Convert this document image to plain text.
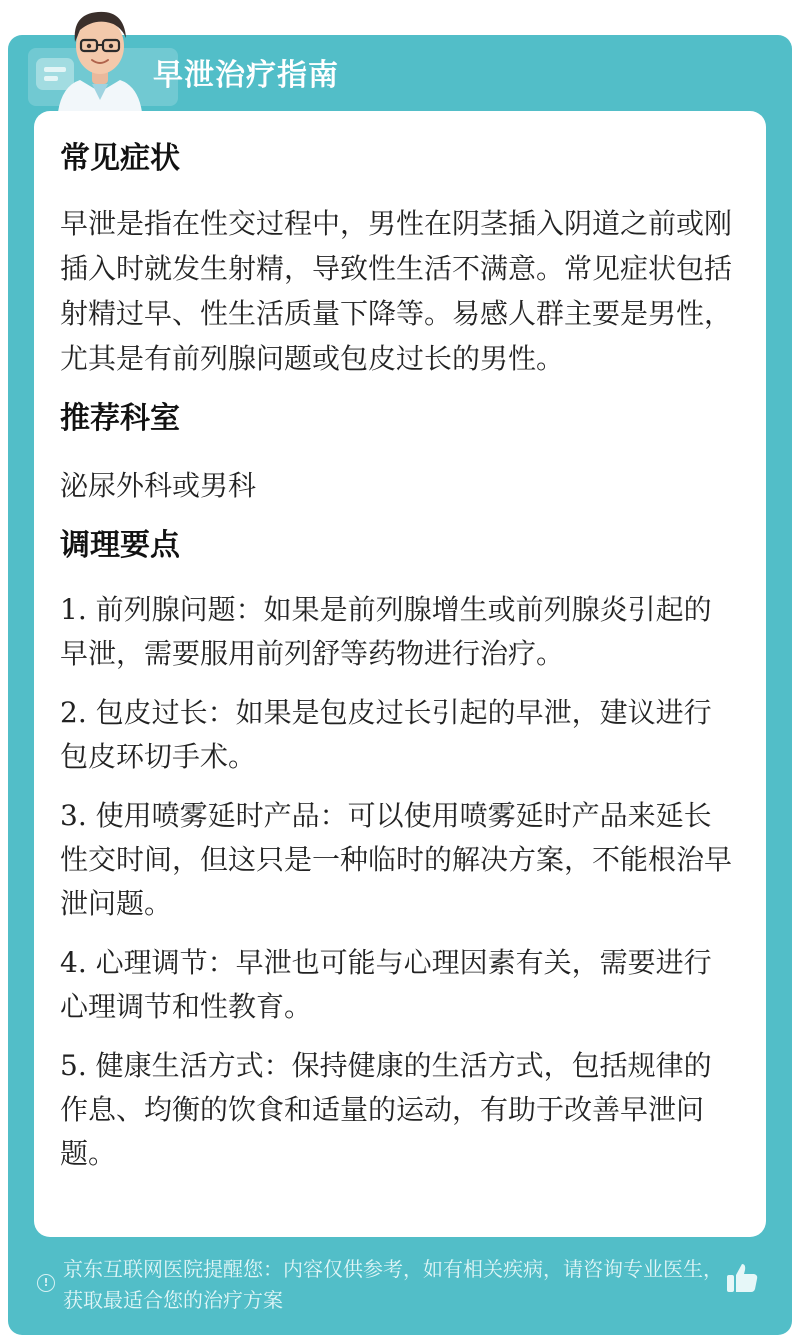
早泄治疗指南
常见症状

早泄是指在性交过程中，男性在阴茎插入阴道之前或刚插入时就发生射精，导致性生活不满意。常见症状包括射精过早、性生活质量下降等。易感人群主要是男性，尤其是有前列腺问题或包皮过长的男性。

推荐科室

泌尿外科或男科

调理要点

1. 前列腺问题：如果是前列腺增生或前列腺炎引起的早泄，需要服用前列舒等药物进行治疗。

2. 包皮过长：如果是包皮过长引起的早泄，建议进行包皮环切手术。

3. 使用喷雾延时产品：可以使用喷雾延时产品来延长性交时间，但这只是一种临时的解决方案，不能根治早泄问题。

4. 心理调节：早泄也可能与心理因素有关，需要进行心理调节和性教育。

5. 健康生活方式：保持健康的生活方式，包括规律的作息、均衡的饮食和适量的运动，有助于改善早泄问题。

!
京东互联网医院提醒您：内容仅供参考，如有相关疾病，请咨询专业医生，获取最适合您的治疗方案
